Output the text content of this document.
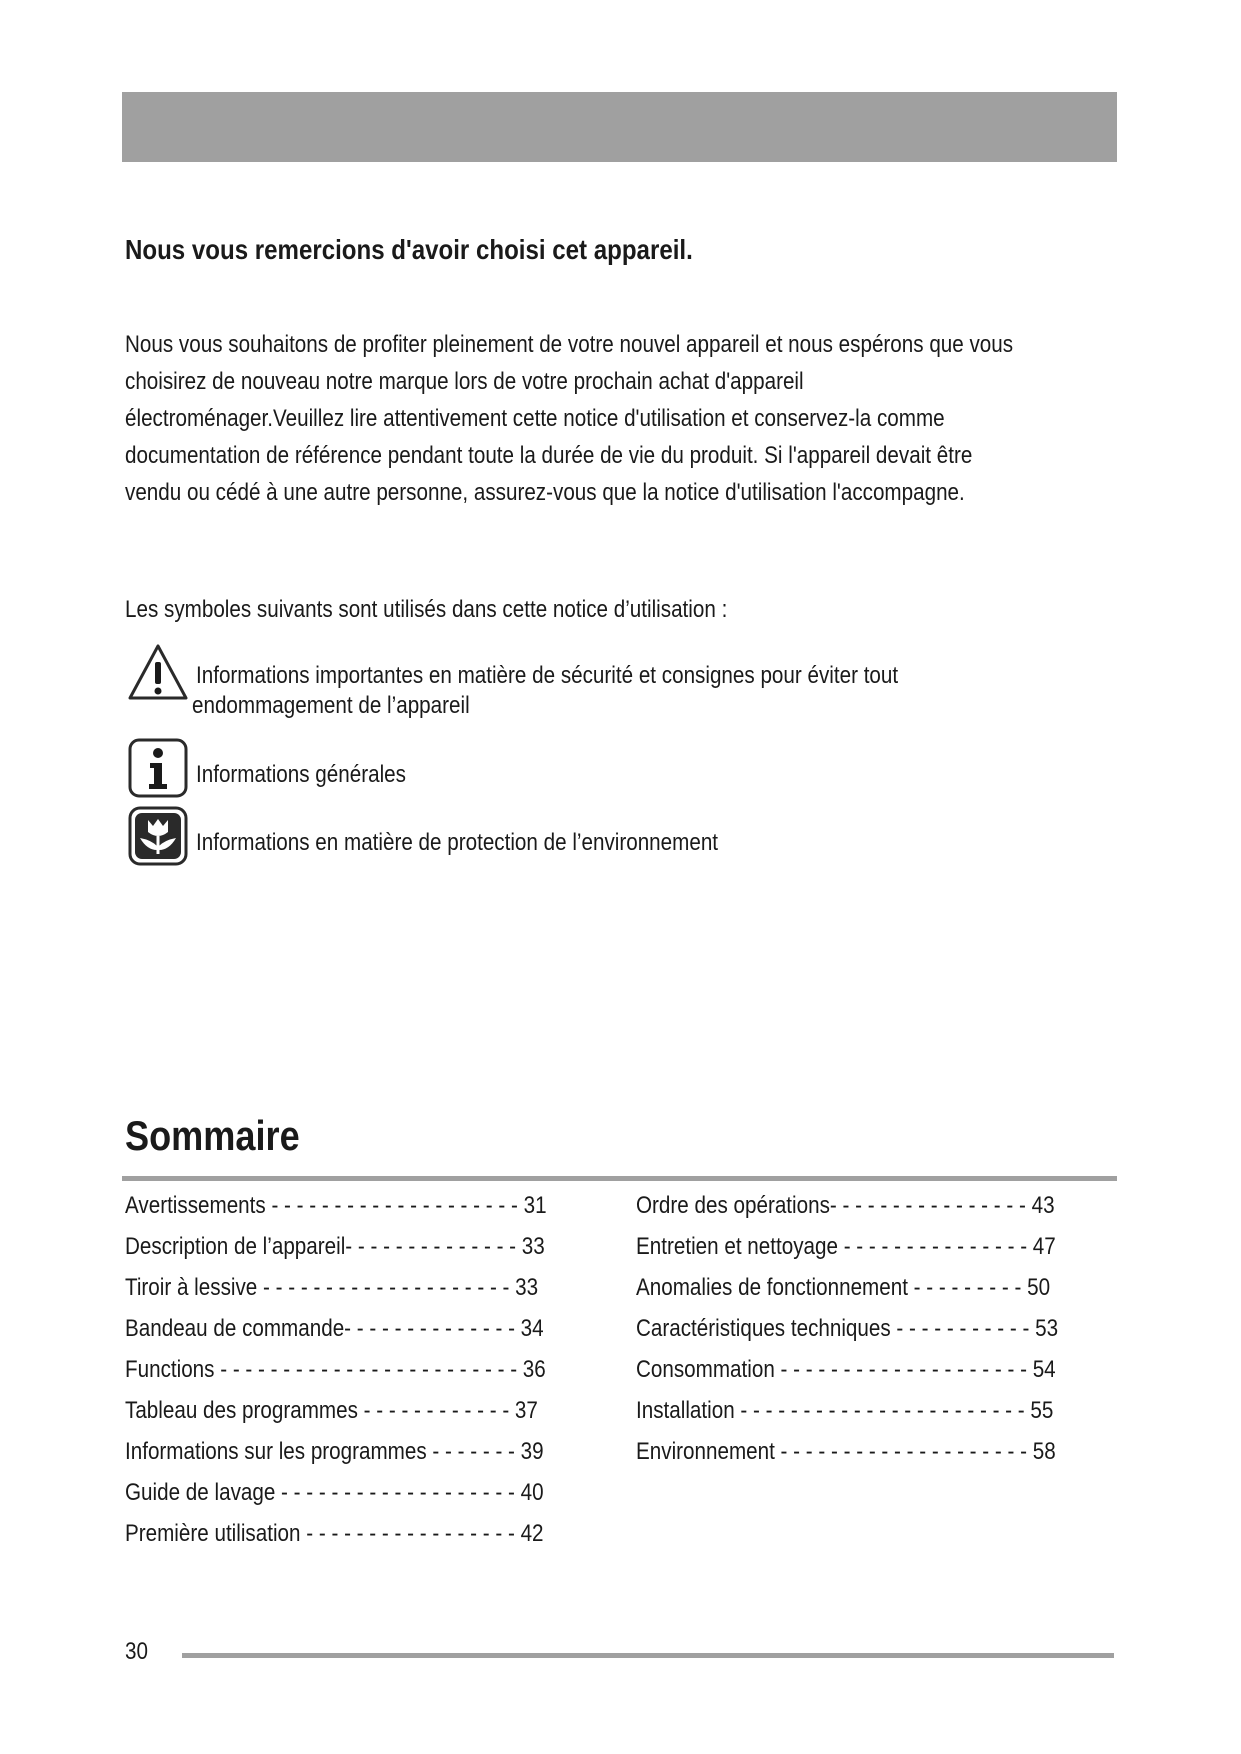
Nous vous remercions d'avoir choisi cet appareil.

Nous vous souhaitons de profiter pleinement de votre nouvel appareil et nous espérons que vous
choisirez de nouveau notre marque lors de votre prochain achat d'appareil
électroménager.Veuillez lire attentivement cette notice d'utilisation et conservez-la comme
documentation de référence pendant toute la durée de vie du produit. Si l'appareil devait être
vendu ou cédé à une autre personne, assurez-vous que la notice d'utilisation l'accompagne.

Les symboles suivants sont utilisés dans cette notice d’utilisation :

Informations importantes en matière de sécurité et consignes pour éviter tout

endommagement de l’appareil

Informations générales

Informations en matière de protection de l’environnement

Sommaire
Avertissements - - - - - - - - - - - - - - - - - - - - 31
Description de l’appareil- - - - - - - - - - - - - - 33
Tiroir à lessive - - - - - - - - - - - - - - - - - - - - 33
Bandeau de commande- - - - - - - - - - - - - - 34
Functions - - - - - - - - - - - - - - - - - - - - - - - - 36
Tableau des programmes - - - - - - - - - - - - 37
Informations sur les programmes - - - - - - - 39
Guide de lavage - - - - - - - - - - - - - - - - - - - 40
Première utilisation - - - - - - - - - - - - - - - - - 42
Ordre des opérations- - - - - - - - - - - - - - - - 43
Entretien et nettoyage - - - - - - - - - - - - - - - 47
Anomalies de fonctionnement - - - - - - - - - 50
Caractéristiques techniques - - - - - - - - - - - 53
Consommation - - - - - - - - - - - - - - - - - - - - 54
Installation - - - - - - - - - - - - - - - - - - - - - - - 55
Environnement - - - - - - - - - - - - - - - - - - - - 58

30
